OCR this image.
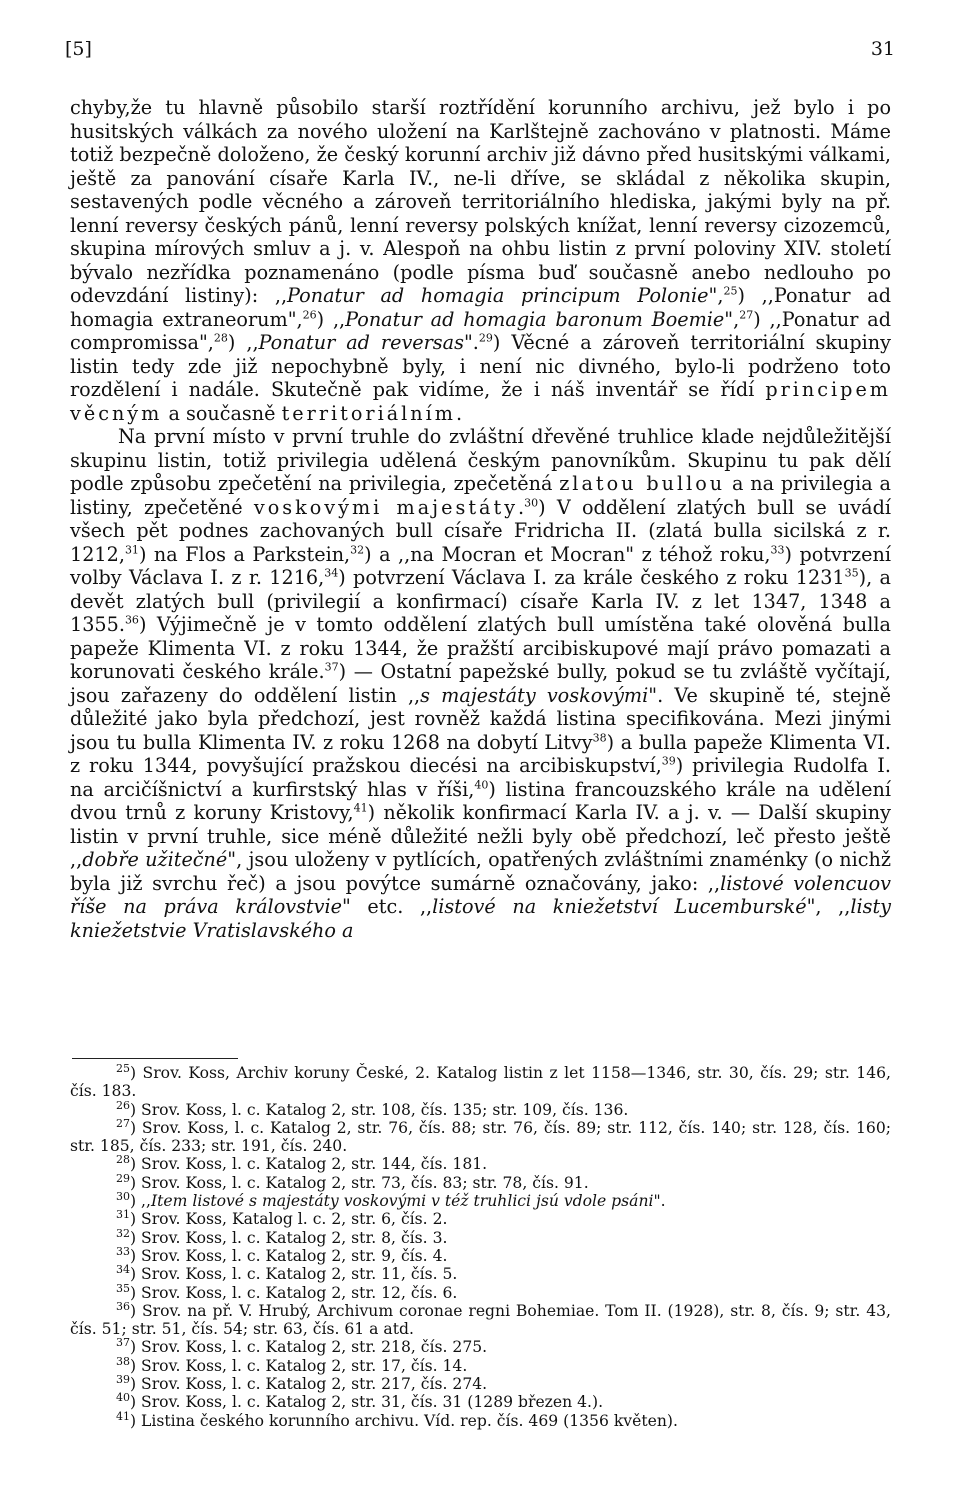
[5]	31

chyby,že tu hlavně působilo starší roztřídění korunního archivu, jež bylo i po husitských válkách za nového uložení na Karlštejně zachováno v platnosti. Máme totiž bezpečně doloženo, že český korunní archiv již dávno před husitskými válkami, ještě za panování císaře Karla IV., ne-li dříve, se skládal z několika skupin, sestavených podle věcného a zároveň territoriálního hlediska, jakými byly na př. lenní reversy českých pánů, lenní reversy polských knížat, lenní reversy cizozemců, skupina mírových smluv a j. v. Alespoň na ohbu listin z první poloviny XIV. století bývalo nezřídka poznamenáno (podle písma buď současně anebo nedlouho po odevzdání listiny): ,,Ponatur ad homagia principum Polonie",$^{25}$) ,,Ponatur ad homagia extraneorum",$^{26}$) ,,Ponatur ad homagia baronum Boemie",$^{27}$) ,,Ponatur ad compromissa",$^{28}$) ,,Ponatur ad reversas".$^{29}$) Věcné a zároveň territoriální skupiny listin tedy zde již nepochybně byly, i není nic divného, bylo-li podrženo toto rozdělení i nadále. Skutečně pak vidíme, že i náš inventář se řídí principem věcným a současně territoriálním.

Na první místo v první truhle do zvláštní dřevěné truhlice klade nejdůležitější skupinu listin, totiž privilegia udělená českým panovníkům. Skupinu tu pak dělí podle způsobu zpečetění na privilegia, zpečetěná zlatou bullou a na privilegia a listiny, zpečetěné voskovými majestáty.$^{30}$) V oddělení zlatých bull se uvádí všech pět podnes zachovaných bull císaře Fridricha II. (zlatá bulla sicilská z r. 1212,31) na Flos a Parkstein,$^{32}$) a ,,na Mocran et Mocran" z téhož roku,$^{33}$) potvrzení volby Václava I. z r. 1216,34) potvrzení Václava I. za krále českého z roku 1231$^{35}$), a devět zlatých bull (privilegií a konfirmací) císaře Karla IV. z let 1347, 1348 a 1355.36) Výjimečně je v tomto oddělení zlatých bull umístěna také olověná bulla papeže Klimenta VI. z roku 1344, že pražští arcibiskupové mají právo pomazati a korunovati českého krále.$^{37}$) — Ostatní papežské bully, pokud se tu zvláště vyčítají, jsou zařazeny do oddělení listin ,,s majestáty voskovými". Ve skupině té, stejně důležité jako byla předchozí, jest rovněž každá listina specifikována. Mezi jinými jsou tu bulla Klimenta IV. z roku 1268 na dobytí Litvy$^{38}$) a bulla papeže Klimenta VI. z roku 1344, povyšující pražskou diecési na arcibiskupství,$^{39}$) privilegia Rudolfa I. na arcičíšnictví a kurfirstský hlas v říši,$^{40}$) listina francouzského krále na udělení dvou trnů z koruny Kristovy,$^{41}$) několik konfirmací Karla IV. a j. v. — Další skupiny listin v první truhle, sice méně důležité nežli byly obě předchozí, leč přesto ještě ,,dobře užitečné", jsou uloženy v pytlících, opatřených zvláštními znaménky (o nichž byla již svrchu řeč) a jsou povýtce sumárně označovány, jako: ,,listové volencuov říše na práva královstvie" etc. ,,listové na kniežetství Lucemburské", ,,listy kniežetstvie Vratislavského a

$^{25}$) Srov. Koss, Archiv koruny České, 2. Katalog listin z let 1158—1346, str. 30, čís. 29; str. 146, čís. 183.

$^{26}$) Srov. Koss, l. c. Katalog 2, str. 108, čís. 135; str. 109, čís. 136.

$^{27}$) Srov. Koss, l. c. Katalog 2, str. 76, čís. 88; str. 76, čís. 89; str. 112, čís. 140; str. 128, čís. 160; str. 185, čís. 233; str. 191, čís. 240.

$^{28}$) Srov. Koss, l. c. Katalog 2, str. 144, čís. 181.

$^{29}$) Srov. Koss, l. c. Katalog 2, str. 73, čís. 83; str. 78, čís. 91.

$^{30}$) ,,Item listové s majestáty voskovými v též truhlici jsú vdole psáni".

$^{31}$) Srov. Koss, Katalog l. c. 2, str. 6, čís. 2.

$^{32}$) Srov. Koss, l. c. Katalog 2, str. 8, čís. 3.

$^{33}$) Srov. Koss, l. c. Katalog 2, str. 9, čís. 4.

$^{34}$) Srov. Koss, l. c. Katalog 2, str. 11, čís. 5.

$^{35}$) Srov. Koss, l. c. Katalog 2, str. 12, čís. 6.

$^{36}$) Srov. na př. V. Hrubý, Archivum coronae regni Bohemiae. Tom II. (1928), str. 8, čís. 9; str. 43, čís. 51; str. 51, čís. 54; str. 63, čís. 61 a atd.

$^{37}$) Srov. Koss, l. c. Katalog 2, str. 218, čís. 275.

$^{38}$) Srov. Koss, l. c. Katalog 2, str. 17, čís. 14.

$^{39}$) Srov. Koss, l. c. Katalog 2, str. 217, čís. 274.

$^{40}$) Srov. Koss, l. c. Katalog 2, str. 31, čís. 31 (1289 březen 4.).

$^{41}$) Listina českého korunního archivu. Víd. rep. čís. 469 (1356 květen).
